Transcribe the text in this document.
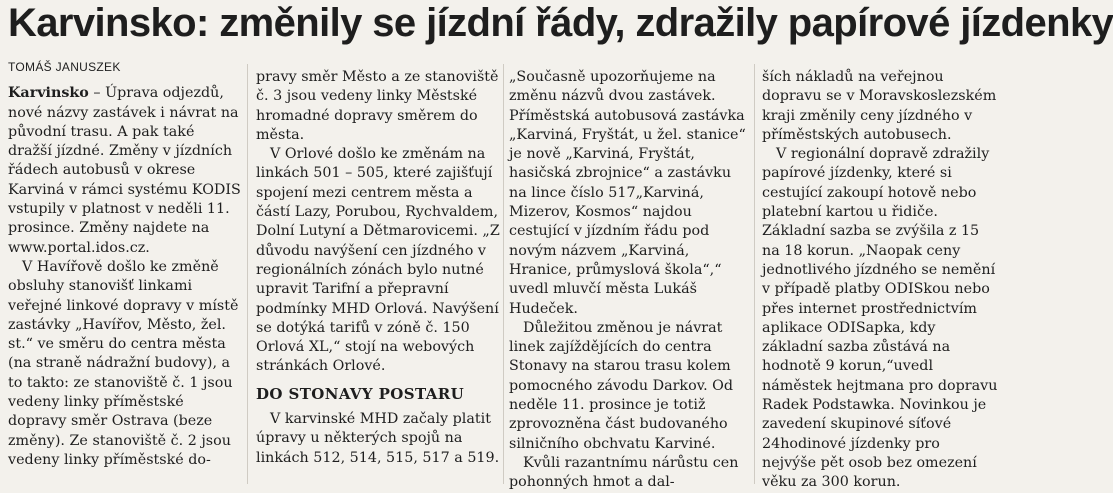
Karvinsko: změnily se jízdní řády, zdražily papírové jízdenky
TOMÁŠ JANUSZEK

Karvinsko – Úprava odjezdů, nové názvy zastávek i návrat na původní trasu. A pak také dražší jízdné. Změny v jízdních řádech autobusů v okrese Karviná v rámci systému KODIS vstupily v platnost v neděli 11. prosince. Změny najdete na www.portal.idos.cz.

V Havířově došlo ke změně obsluhy stanovišť linkami veřejné linkové dopravy v místě zastávky „Havířov, Město, žel. st.“ ve směru do centra města (na straně nádražní budovy), a to takto: ze stanoviště č. 1 jsou vedeny linky příměstské dopravy směr Ostrava (beze změny). Ze stanoviště č. 2 jsou vedeny linky příměstské do-

pravy směr Město a ze stanoviště č. 3 jsou vedeny linky Městské hromadné dopravy směrem do města.

V Orlové došlo ke změnám na linkách 501 – 505, které zajišťují spojení mezi centrem města a částí Lazy, Porubou, Rychvaldem, Dolní Lutyní a Dětmarovicemi. „Z důvodu navýšení cen jízdného v regionálních zónách bylo nutné upravit Tarifní a přepravní podmínky MHD Orlová. Navýšení se dotýká tarifů v zóně č. 150 Orlová XL,“ stojí na webových stránkách Orlové.

DO STONAVY POSTARU

V karvinské MHD začaly platit úpravy u některých spojů na linkách 512, 514, 515, 517 a 519.

„Současně upozorňujeme na změnu názvů dvou zastávek. Příměstská autobusová zastávka „Karviná, Fryštát, u žel. stanice“ je nově „Karviná, Fryštát, hasičská zbrojnice“ a zastávku na lince číslo 517„Karviná, Mizerov, Kosmos“ najdou cestující v jízdním řádu pod novým názvem „Karviná, Hranice, průmyslová škola“,“ uvedl mluvčí města Lukáš Hudeček.

Důležitou změnou je návrat linek zajíždějících do centra Stonavy na starou trasu kolem pomocného závodu Darkov. Od neděle 11. prosince je totiž zprovozněna část budovaného silničního obchvatu Karviné.

Kvůli razantnímu nárůstu cen pohonných hmot a dal-

ších nákladů na veřejnou dopravu se v Moravskoslezském kraji změnily ceny jízdného v příměstských autobusech.

V regionální dopravě zdražily papírové jízdenky, které si cestující zakoupí hotově nebo platební kartou u řidiče. Základní sazba se zvýšila z 15 na 18 korun. „Naopak ceny jednotlivého jízdného se nemění v případě platby ODISkou nebo přes internet prostřednictvím aplikace ODISapka, kdy základní sazba zůstává na hodnotě 9 korun,“uvedl náměstek hejtmana pro dopravu Radek Podstawka. Novinkou je zavedení skupinové síťové 24hodinové jízdenky pro nejvýše pět osob bez omezení věku za 300 korun.
